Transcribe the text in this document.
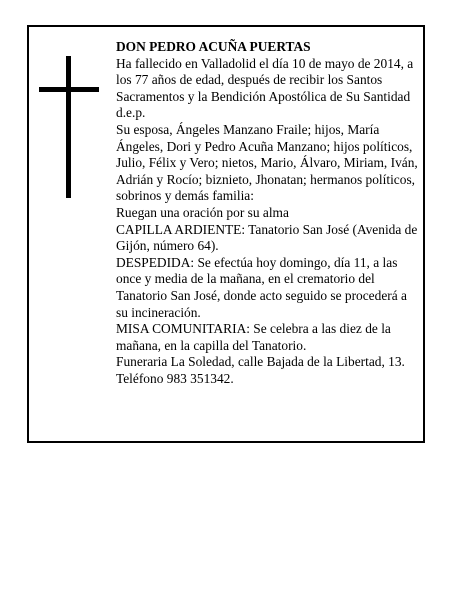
DON PEDRO ACUÑA PUERTAS

Ha fallecido en Valladolid el día 10 de mayo de 2014, a los 77 años de edad, después de recibir los Santos Sacramentos y la Bendición Apostólica de Su Santidad d.e.p.

Su esposa, Ángeles Manzano Fraile; hijos, María Ángeles, Dori y Pedro Acuña Manzano; hijos políticos, Julio, Félix y Vero; nietos, Mario, Álvaro, Miriam, Iván, Adrián y Rocío; biznieto, Jhonatan; hermanos políticos, sobrinos y demás familia:

Ruegan una oración por su alma

CAPILLA ARDIENTE: Tanatorio San José (Avenida de Gijón, número 64).

DESPEDIDA: Se efectúa hoy domingo, día 11, a las once y media de la mañana, en el crematorio del Tanatorio San José, donde acto seguido se procederá a su incineración.

MISA COMUNITARIA: Se celebra a las diez de la mañana, en la capilla del Tanatorio.

Funeraria La Soledad, calle Bajada de la Libertad, 13. Teléfono 983 351342.
